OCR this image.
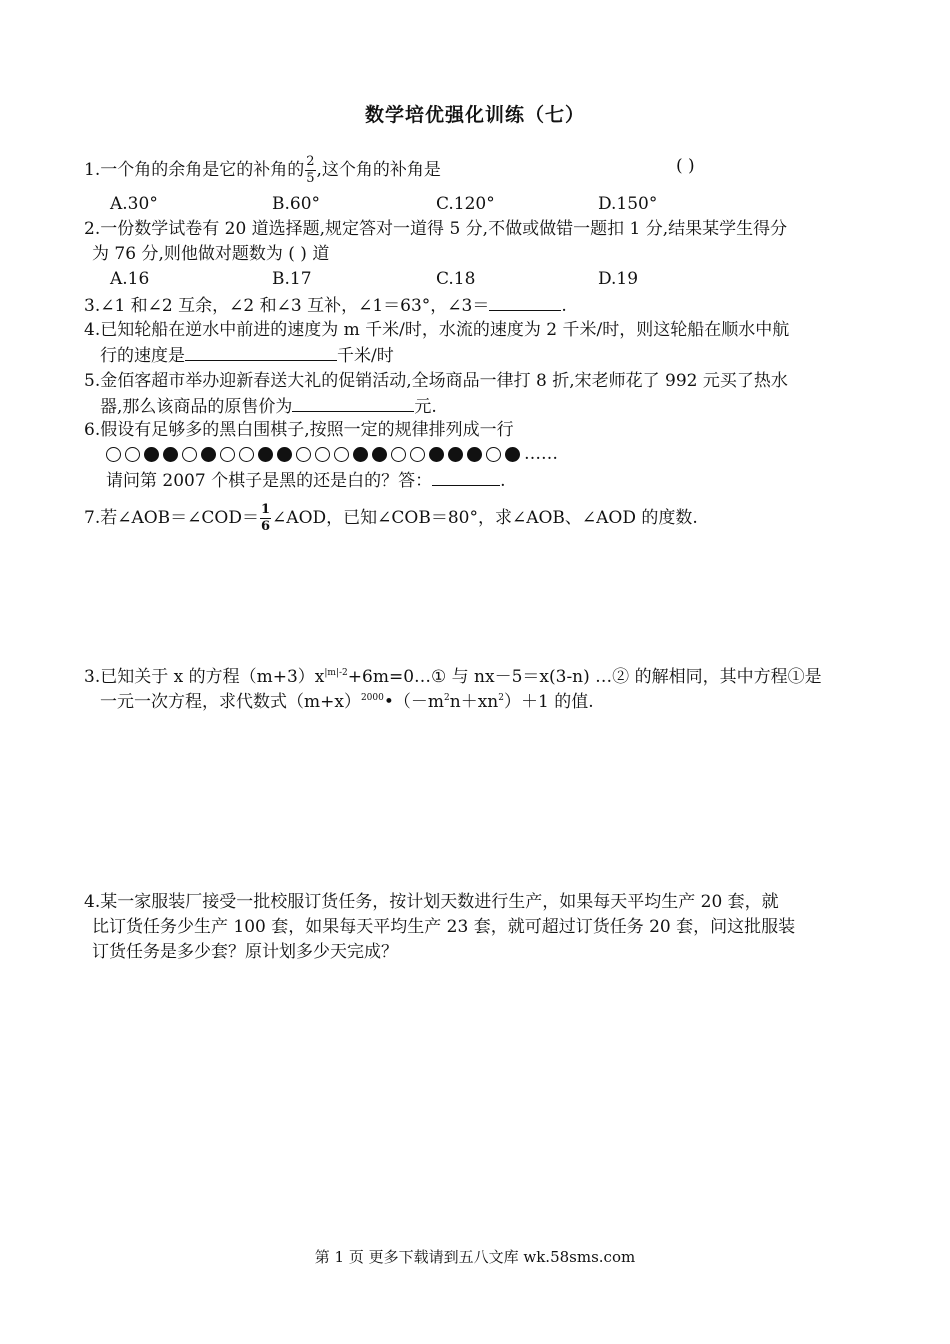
数学培优强化训练（七）
1.一个角的余角是它的补角的 $\frac{2}{5}$ ,这个角的补角是	( )
A.30°	B.60°	C.120°	D.150°
2.一份数学试卷有 20 道选择题,规定答对一道得 5 分,不做或做错一题扣 1 分,结果某学生得分
为 76 分,则他做对题数为 ( ) 道
A.16	B.17	C.18	D.19
3.∠1 和∠2 互余，∠2 和∠3 互补，∠1＝63°，∠3＝	.
4.已知轮船在逆水中前进的速度为 m 千米/时，水流的速度为 2 千米/时，则这轮船在顺水中航
行的速度是	千米/时
5.金佰客超市举办迎新春送大礼的促销活动,全场商品一律打 8 折,宋老师花了 992 元买了热水
器,那么该商品的原售价为	元.
6.假设有足够多的黑白围棋子,按照一定的规律排列成一行
……
请问第 2007 个棋子是黑的还是白的？答：	.
7.若∠AOB＝∠COD＝ $\frac{1}{6}$ ∠AOD，已知∠COB＝80°，求∠AOB、∠AOD 的度数.
3.已知关于 x 的方程$(m+3)x^{|m|-2}+6m=0\dots ①$ 与 nx－5＝x(3-n) …② 的解相同，其中方程①是
一元一次方程，求代数式$(m+x)^{2000}•(-m^2n+xn^2)+1$ 的值.
4.某一家服装厂接受一批校服订货任务，按计划天数进行生产，如果每天平均生产 20 套，就
比订货任务少生产 100 套，如果每天平均生产 23 套，就可超过订货任务 20 套，问这批服装
订货任务是多少套？原计划多少天完成？
第 1 页 更多下载请到五八文库 wk.58sms.com
